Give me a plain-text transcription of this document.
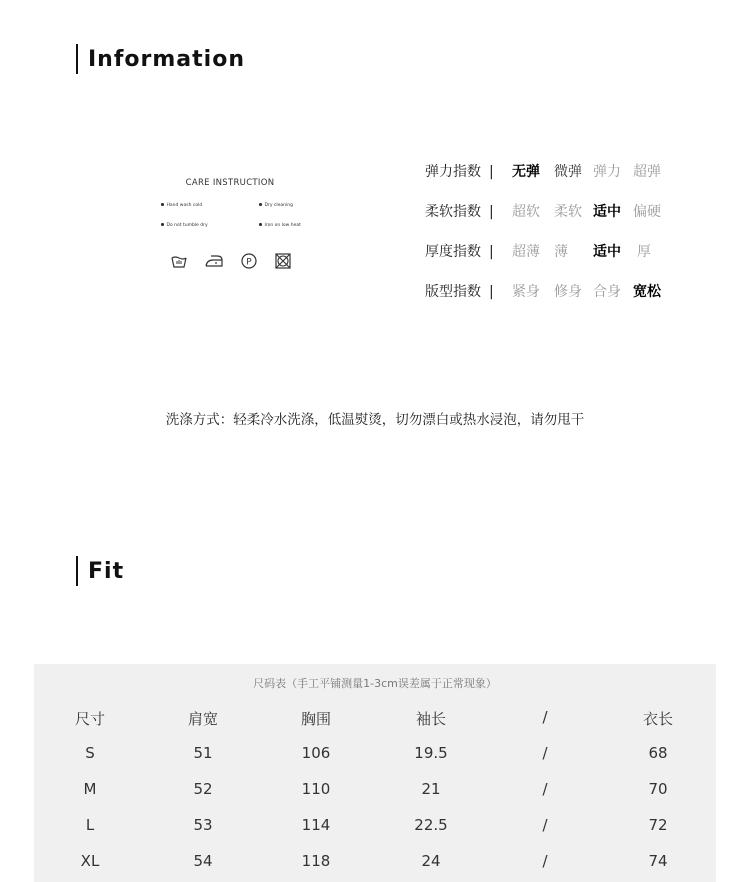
Information
CARE INSTRUCTION
Hand wash cold	Dry cleaning
Do not tumble dry	Iron on low heat
P
弹力指数 | 无弹 微弹 弹力 超弹
柔软指数 | 超软 柔软 适中 偏硬
厚度指数 | 超薄 薄 适中 厚
版型指数 | 紧身 修身 合身 宽松
洗涤方式：轻柔冷水洗涤，低温熨烫，切勿漂白或热水浸泡，请勿甩干
Fit
尺码表（手工平铺测量1-3cm误差属于正常现象）
尺寸	肩宽	胸围	袖长	/	衣长
S	51	106	19.5	/	68
M	52	110	21	/	70
L	53	114	22.5	/	72
XL	54	118	24	/	74
